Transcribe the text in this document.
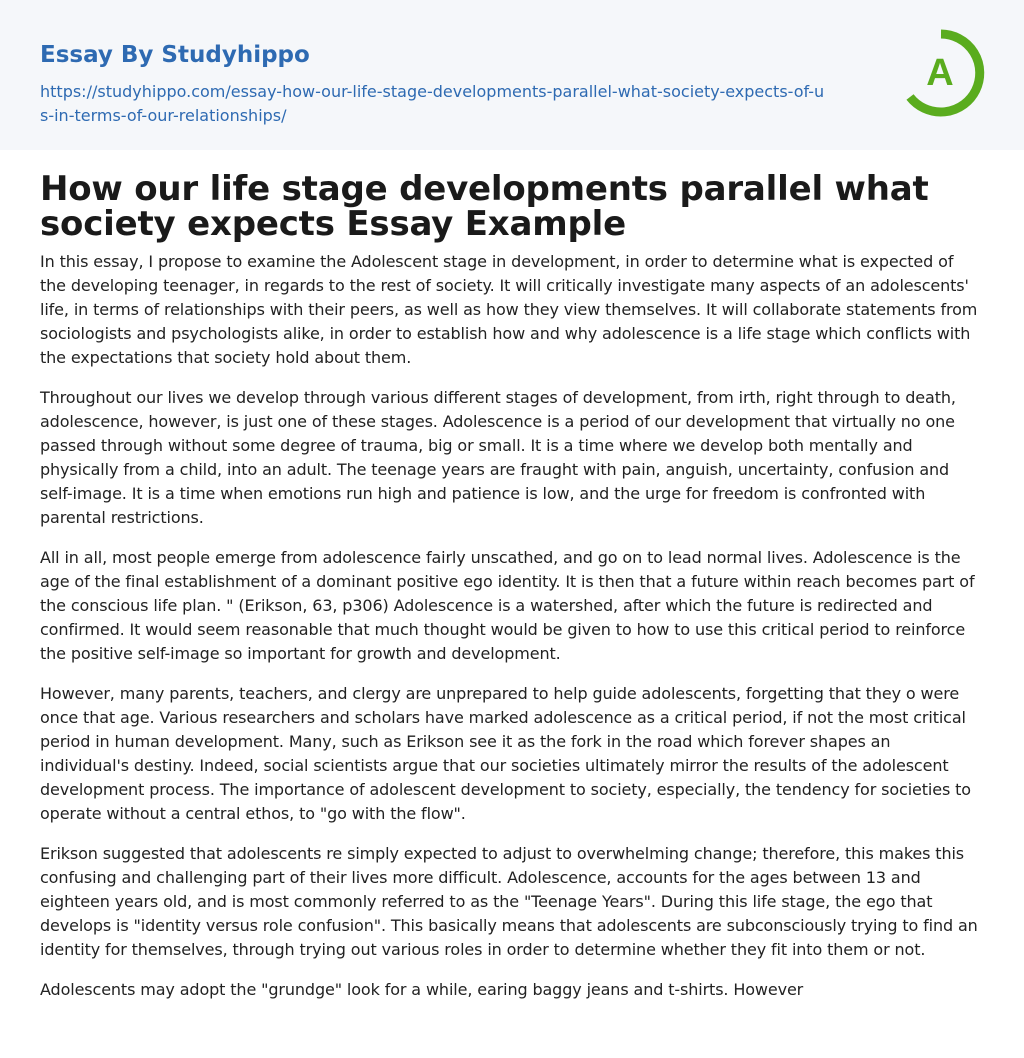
Essay By Studyhippo
https://studyhippo.com/essay-how-our-life-stage-developments-parallel-what-society-expects-of-us-in-terms-of-our-relationships/
A
How our life stage developments parallel what society expects Essay Example

In this essay, I propose to examine the Adolescent stage in development, in order to determine what is expected of the developing teenager, in regards to the rest of society. It will critically investigate many aspects of an adolescents' life, in terms of relationships with their peers, as well as how they view themselves. It will collaborate statements from sociologists and psychologists alike, in order to establish how and why adolescence is a life stage which conflicts with the expectations that society hold about them.

Throughout our lives we develop through various different stages of development, from irth, right through to death, adolescence, however, is just one of these stages. Adolescence is a period of our development that virtually no one passed through without some degree of trauma, big or small. It is a time where we develop both mentally and physically from a child, into an adult. The teenage years are fraught with pain, anguish, uncertainty, confusion and self-image. It is a time when emotions run high and patience is low, and the urge for freedom is confronted with parental restrictions.

All in all, most people emerge from adolescence fairly unscathed, and go on to lead normal lives. Adolescence is the age of the final establishment of a dominant positive ego identity. It is then that a future within reach becomes part of the conscious life plan. " (Erikson, 63, p306) Adolescence is a watershed, after which the future is redirected and confirmed. It would seem reasonable that much thought would be given to how to use this critical period to reinforce the positive self-image so important for growth and development.

However, many parents, teachers, and clergy are unprepared to help guide adolescents, forgetting that they o were once that age. Various researchers and scholars have marked adolescence as a critical period, if not the most critical period in human development. Many, such as Erikson see it as the fork in the road which forever shapes an individual's destiny. Indeed, social scientists argue that our societies ultimately mirror the results of the adolescent development process. The importance of adolescent development to society, especially, the tendency for societies to operate without a central ethos, to "go with the flow".

Erikson suggested that adolescents re simply expected to adjust to overwhelming change; therefore, this makes this confusing and challenging part of their lives more difficult. Adolescence, accounts for the ages between 13 and eighteen years old, and is most commonly referred to as the "Teenage Years". During this life stage, the ego that develops is "identity versus role confusion". This basically means that adolescents are subconsciously trying to find an identity for themselves, through trying out various roles in order to determine whether they fit into them or not.

Adolescents may adopt the "grundge" look for a while, earing baggy jeans and t-shirts. However
